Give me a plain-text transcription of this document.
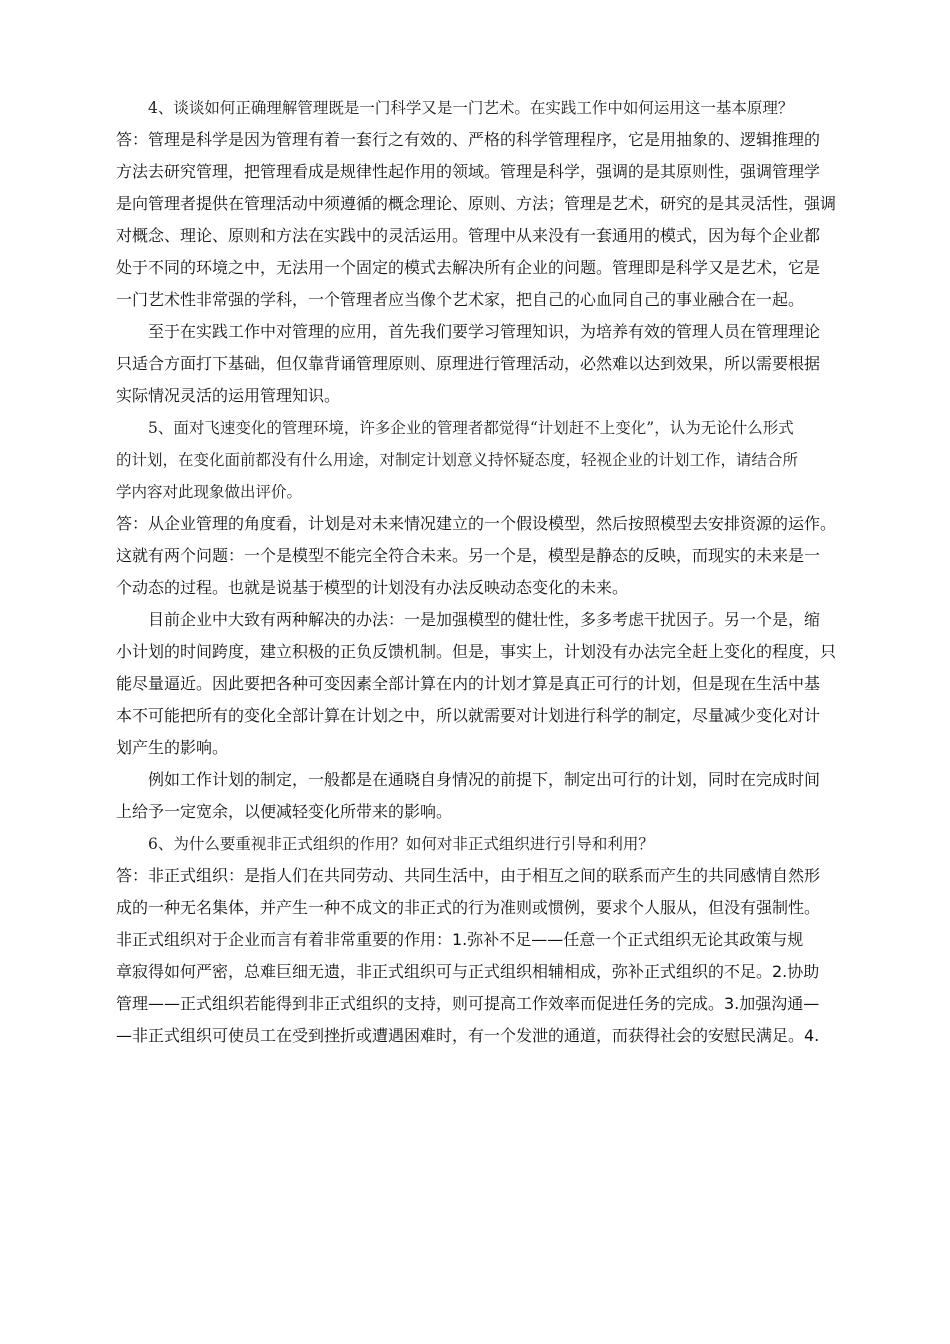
4、谈谈如何正确理解管理既是一门科学又是一门艺术。在实践工作中如何运用这一基本原理？
答：管理是科学是因为管理有着一套行之有效的、严格的科学管理程序，它是用抽象的、逻辑推理的
方法去研究管理，把管理看成是规律性起作用的领域。管理是科学，强调的是其原则性，强调管理学
是向管理者提供在管理活动中须遵循的概念理论、原则、方法；管理是艺术，研究的是其灵活性，强调
对概念、理论、原则和方法在实践中的灵活运用。管理中从来没有一套通用的模式，因为每个企业都
处于不同的环境之中，无法用一个固定的模式去解决所有企业的问题。管理即是科学又是艺术，它是
一门艺术性非常强的学科，一个管理者应当像个艺术家，把自己的心血同自己的事业融合在一起。
至于在实践工作中对管理的应用，首先我们要学习管理知识，为培养有效的管理人员在管理理论
只适合方面打下基础，但仅靠背诵管理原则、原理进行管理活动，必然难以达到效果，所以需要根据
实际情况灵活的运用管理知识。
5、面对飞速变化的管理环境，许多企业的管理者都觉得“计划赶不上变化”，认为无论什么形式
的计划，在变化面前都没有什么用途，对制定计划意义持怀疑态度，轻视企业的计划工作，请结合所
学内容对此现象做出评价。
答：从企业管理的角度看，计划是对未来情况建立的一个假设模型，然后按照模型去安排资源的运作。
这就有两个问题：一个是模型不能完全符合未来。另一个是，模型是静态的反映，而现实的未来是一
个动态的过程。也就是说基于模型的计划没有办法反映动态变化的未来。
目前企业中大致有两种解决的办法：一是加强模型的健壮性，多多考虑干扰因子。另一个是，缩
小计划的时间跨度，建立积极的正负反馈机制。但是，事实上，计划没有办法完全赶上变化的程度，只
能尽量逼近。因此要把各种可变因素全部计算在内的计划才算是真正可行的计划，但是现在生活中基
本不可能把所有的变化全部计算在计划之中，所以就需要对计划进行科学的制定，尽量减少变化对计
划产生的影响。
例如工作计划的制定，一般都是在通晓自身情况的前提下，制定出可行的计划，同时在完成时间
上给予一定宽余，以便减轻变化所带来的影响。
6、为什么要重视非正式组织的作用？如何对非正式组织进行引导和利用？
答：非正式组织：是指人们在共同劳动、共同生活中，由于相互之间的联系而产生的共同感情自然形
成的一种无名集体，并产生一种不成文的非正式的行为准则或惯例，要求个人服从，但没有强制性。
非正式组织对于企业而言有着非常重要的作用：1.弥补不足——任意一个正式组织无论其政策与规
章寂得如何严密，总难巨细无遗，非正式组织可与正式组织相辅相成，弥补正式组织的不足。2.协助
管理——正式组织若能得到非正式组织的支持，则可提高工作效率而促进任务的完成。3.加强沟通—
—非正式组织可使员工在受到挫折或遭遇困难时，有一个发泄的通道，而获得社会的安慰民满足。4.
